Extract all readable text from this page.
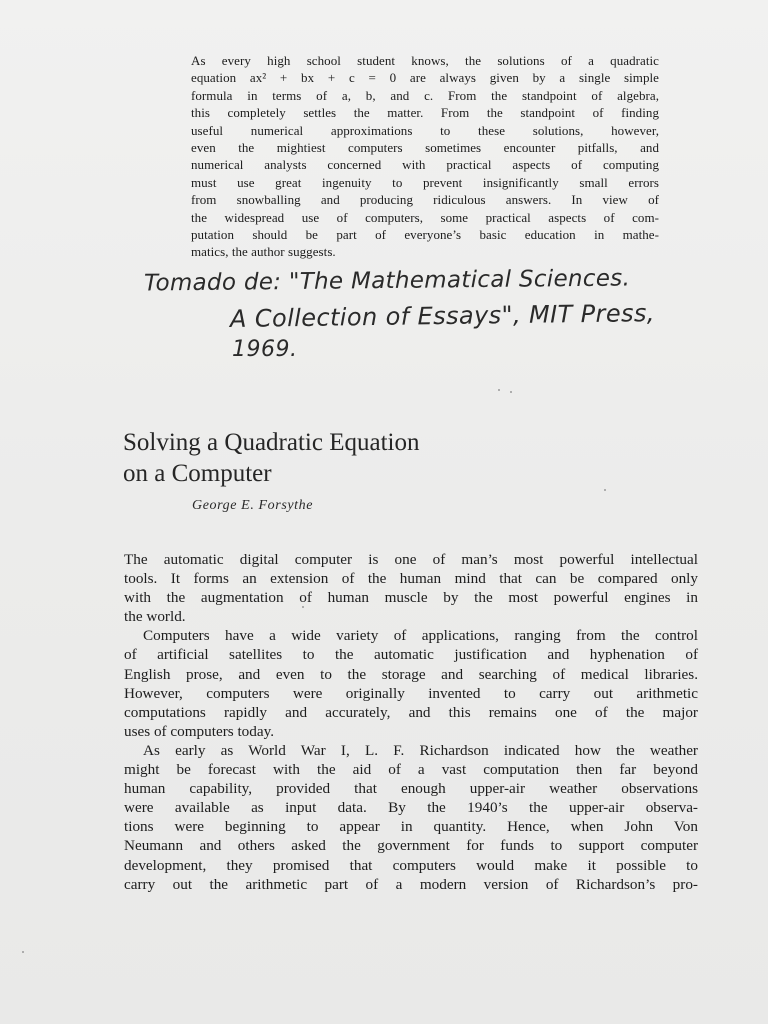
As every high school student knows, the solutions of a quadratic
equation ax² + bx + c = 0 are always given by a single simple
formula in terms of a, b, and c. From the standpoint of algebra,
this completely settles the matter. From the standpoint of finding
useful numerical approximations to these solutions, however,
even the mightiest computers sometimes encounter pitfalls, and
numerical analysts concerned with practical aspects of computing
must use great ingenuity to prevent insignificantly small errors
from snowballing and producing ridiculous answers. In view of
the widespread use of computers, some practical aspects of com-
putation should be part of everyone’s basic education in mathe-
matics, the author suggests.
Tomado de: "The Mathematical Sciences.
A Collection of Essays", MIT Press,
1969.
Solving a Quadratic Equation
on a Computer
George E. Forsythe
The automatic digital computer is one of man’s most powerful intellectual
tools. It forms an extension of the human mind that can be compared only
with the augmentation of human muscle by the most powerful engines in
the world.
Computers have a wide variety of applications, ranging from the control
of artificial satellites to the automatic justification and hyphenation of
English prose, and even to the storage and searching of medical libraries.
However, computers were originally invented to carry out arithmetic
computations rapidly and accurately, and this remains one of the major
uses of computers today.
As early as World War I, L. F. Richardson indicated how the weather
might be forecast with the aid of a vast computation then far beyond
human capability, provided that enough upper-air weather observations
were available as input data. By the 1940’s the upper-air observa-
tions were beginning to appear in quantity. Hence, when John Von
Neumann and others asked the government for funds to support computer
development, they promised that computers would make it possible to
carry out the arithmetic part of a modern version of Richardson’s pro-
